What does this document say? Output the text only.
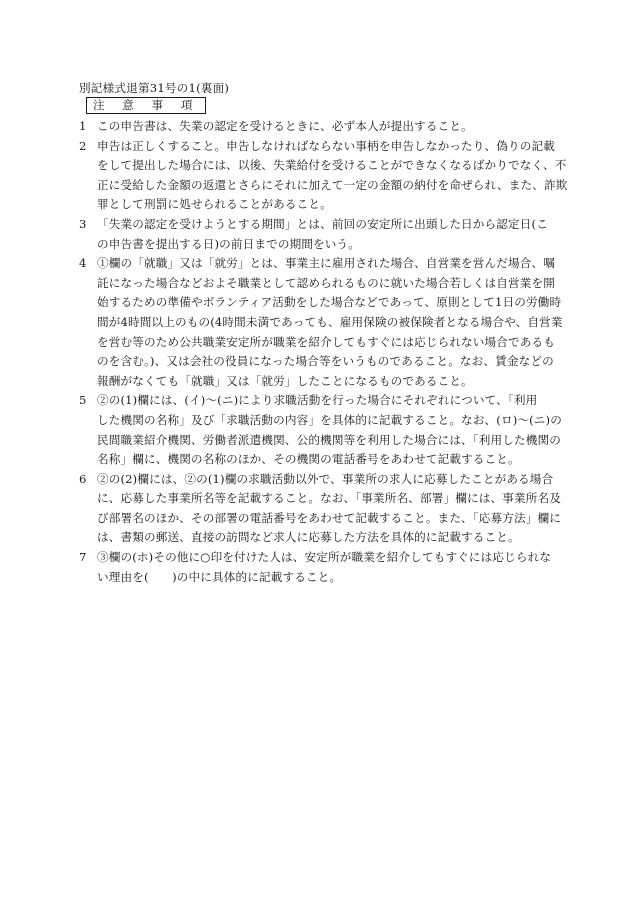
別記様式退第31号の1(裏面)
注 意 事 項
1 この申告書は、失業の認定を受けるときに、必ず本人が提出すること。
2 申告は正しくすること。申告しなければならない事柄を申告しなかったり、偽りの記載
をして提出した場合には、以後、失業給付を受けることができなくなるばかりでなく、不
正に受給した金額の返還とさらにそれに加えて一定の金額の納付を命ぜられ、また、詐欺
罪として刑罰に処せられることがあること。
3 「失業の認定を受けようとする期間」とは、前回の安定所に出頭した日から認定日(こ
の申告書を提出する日)の前日までの期間をいう。
4 ①欄の「就職」又は「就労」とは、事業主に雇用された場合、自営業を営んだ場合、嘱
託になった場合などおよそ職業として認められるものに就いた場合若しくは自営業を開
始するための準備やボランティア活動をした場合などであって、原則として1日の労働時
間が4時間以上のもの(4時間未満であっても、雇用保険の被保険者となる場合や、自営業
を営む等のため公共職業安定所が職業を紹介してもすぐには応じられない場合であるも
のを含む。)、又は会社の役員になった場合等をいうものであること。なお、賃金などの
報酬がなくても「就職」又は「就労」したことになるものであること。
5 ②の(1)欄には、(イ)～(ニ)により求職活動を行った場合にそれぞれについて、「利用
した機関の名称」及び「求職活動の内容」を具体的に記載すること。なお、(ロ)～(ニ)の
民間職業紹介機関、労働者派遣機関、公的機関等を利用した場合には、「利用した機関の
名称」欄に、機関の名称のほか、その機関の電話番号をあわせて記載すること。
6 ②の(2)欄には、②の(1)欄の求職活動以外で、事業所の求人に応募したことがある場合
に、応募した事業所名等を記載すること。なお、「事業所名、部署」欄には、事業所名及
び部署名のほか、その部署の電話番号をあわせて記載すること。また、「応募方法」欄に
は、書類の郵送、直接の訪問など求人に応募した方法を具体的に記載すること。
7 ③欄の(ホ)その他に○印を付けた人は、安定所が職業を紹介してもすぐには応じられな
い理由を(　　)の中に具体的に記載すること。
